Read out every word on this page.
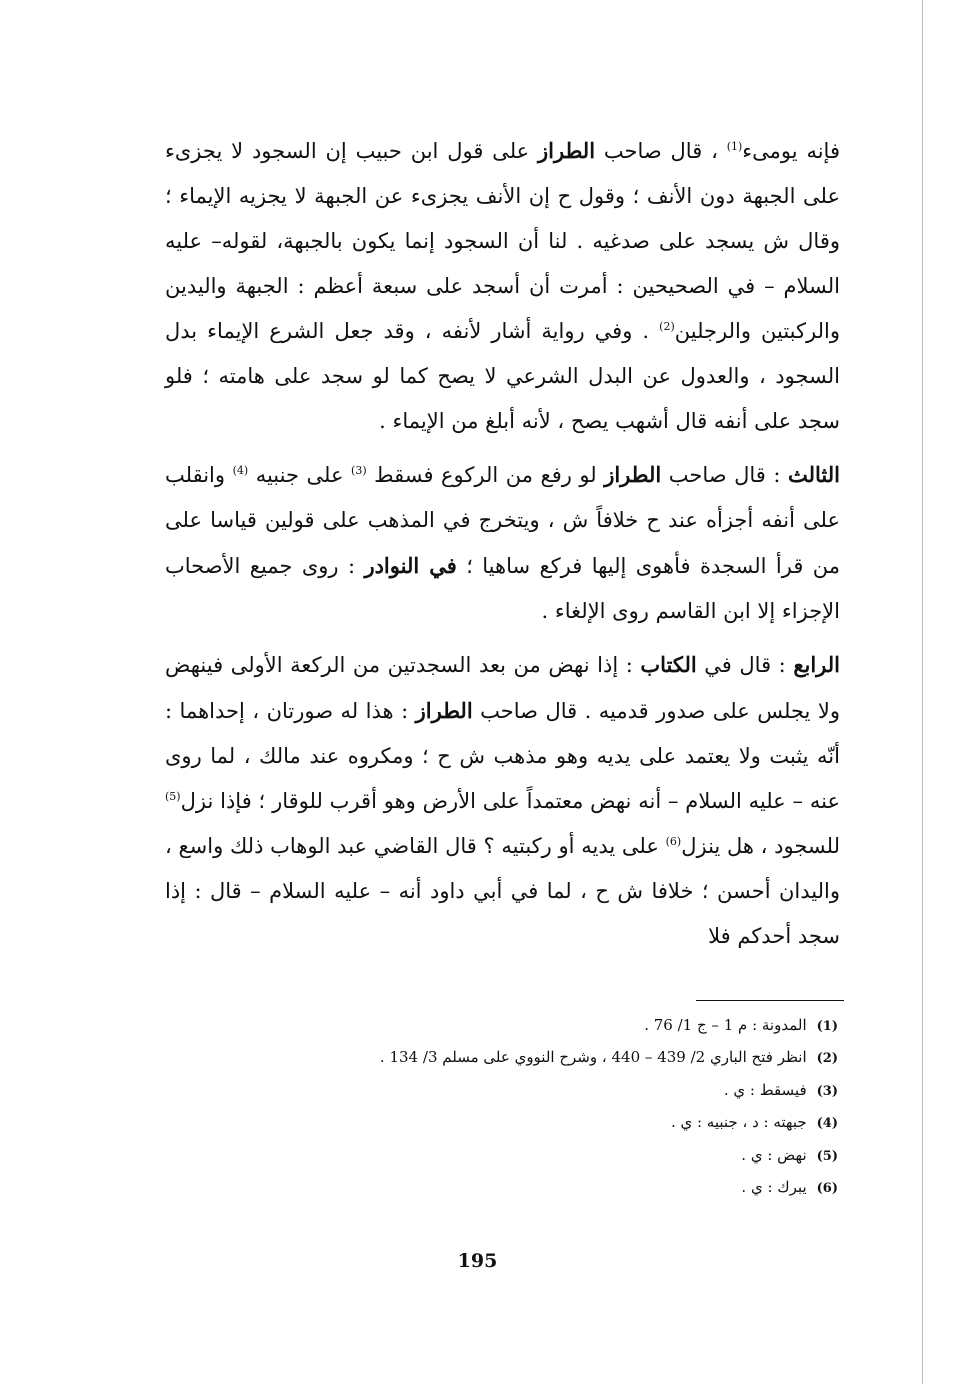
فإنه يومىء$^{(1)}$ ، قال صاحب الطراز على قول ابن حبيب إن السجود لا يجزىء على الجبهة دون الأنف ؛ وقول ح إن الأنف يجزىء عن الجبهة لا يجزيه الإيماء ؛ وقال ش يسجد على صدغيه . لنا أن السجود إنما يكون بالجبهة، لقوله– عليه السلام – في الصحيحين : أمرت أن أسجد على سبعة أعظم : الجبهة واليدين والركبتين والرجلين$^{(2)}$ . وفي رواية أشار لأنفه ، وقد جعل الشرع الإيماء بدل السجود ، والعدول عن البدل الشرعي لا يصح كما لو سجد على هامته ؛ فلو سجد على أنفه قال أشهب يصح ، لأنه أبلغ من الإيماء .

الثالث : قال صاحب الطراز لو رفع من الركوع فسقط $^{(3)}$ على جنبيه $^{(4)}$ وانقلب على أنفه أجزأه عند ح خلافاً ش ، ويتخرج في المذهب على قولين قياسا على من قرأ السجدة فأهوى إليها فركع ساهيا ؛ في النوادر : روى جميع الأصحاب الإجزاء إلا ابن القاسم روى الإلغاء .

الرابع : قال في الكتاب : إذا نهض من بعد السجدتين من الركعة الأولى فينهض ولا يجلس على صدور قدميه . قال صاحب الطراز : هذا له صورتان ، إحداهما : أنّه يثبت ولا يعتمد على يديه وهو مذهب ش ح ؛ ومكروه عند مالك ، لما روى عنه – عليه السلام – أنه نهض معتمداً على الأرض وهو أقرب للوقار ؛ فإذا نزل$^{(5)}$ للسجود ، هل ينزل$^{(6)}$ على يديه أو ركبتيه ؟ قال القاضي عبد الوهاب ذلك واسع ، واليدان أحسن ؛ خلافا ش ح ، لما في أبي داود أنه – عليه السلام – قال : إذا سجد أحدكم فلا

(1)المدونة : م 1 – ج 1/ 76 .
(2)انظر فتح الباري 2/ 439 – 440 ، وشرح النووي على مسلم 3/ 134 .
(3)فيسقط : ي .
(4)جبهته : د ، جنبيه : ي .
(5)نهض : ي .
(6)يبرك : ي .
195
